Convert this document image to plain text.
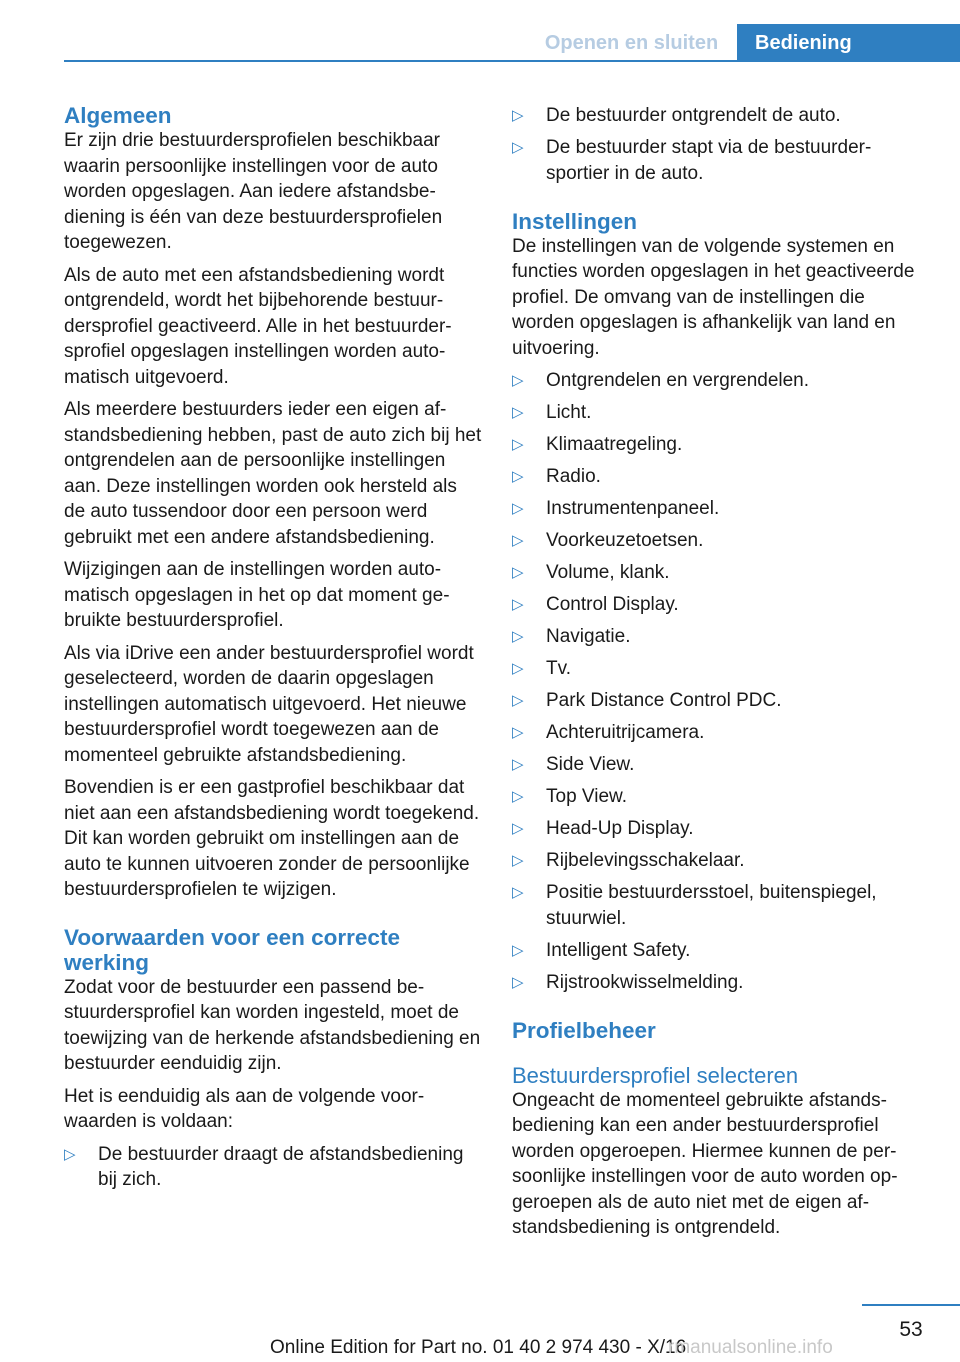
Openen en sluiten	Bediening
Algemeen

Er zijn drie bestuurdersprofielen beschikbaar waarin persoonlijke instellingen voor de auto worden opgeslagen. Aan iedere afstandsbediening is één van deze bestuurdersprofielen toegewezen.

Als de auto met een afstandsbediening wordt ontgrendeld, wordt het bijbehorende bestuurdersprofiel geactiveerd. Alle in het bestuurdersprofiel opgeslagen instellingen worden automatisch uitgevoerd.

Als meerdere bestuurders ieder een eigen afstandsbediening hebben, past de auto zich bij het ontgrendelen aan de persoonlijke instellingen aan. Deze instellingen worden ook hersteld als de auto tussendoor door een persoon werd gebruikt met een andere afstandsbediening.

Wijzigingen aan de instellingen worden automatisch opgeslagen in het op dat moment gebruikte bestuurdersprofiel.

Als via iDrive een ander bestuurdersprofiel wordt geselecteerd, worden de daarin opgeslagen instellingen automatisch uitgevoerd. Het nieuwe bestuurdersprofiel wordt toegewezen aan de momenteel gebruikte afstandsbediening.

Bovendien is er een gastprofiel beschikbaar dat niet aan een afstandsbediening wordt toegekend. Dit kan worden gebruikt om instellingen aan de auto te kunnen uitvoeren zonder de persoonlijke bestuurdersprofielen te wijzigen.

Voorwaarden voor een correcte werking

Zodat voor de bestuurder een passend bestuurdersprofiel kan worden ingesteld, moet de toewijzing van de herkende afstandsbediening en bestuurder eenduidig zijn.

Het is eenduidig als aan de volgende voorwaarden is voldaan:

▷ De bestuurder draagt de afstandsbediening bij zich.
▷ De bestuurder ontgrendelt de auto.
▷ De bestuurder stapt via de bestuurdersportier in de auto.
Instellingen

De instellingen van de volgende systemen en functies worden opgeslagen in het geactiveerde profiel. De omvang van de instellingen die worden opgeslagen is afhankelijk van land en uitvoering.

▷ Ontgrendelen en vergrendelen.
▷ Licht.
▷ Klimaatregeling.
▷ Radio.
▷ Instrumentenpaneel.
▷ Voorkeuzetoetsen.
▷ Volume, klank.
▷ Control Display.
▷ Navigatie.
▷ Tv.
▷ Park Distance Control PDC.
▷ Achteruitrijcamera.
▷ Side View.
▷ Top View.
▷ Head-Up Display.
▷ Rijbelevingsschakelaar.
▷ Positie bestuurdersstoel, buitenspiegel, stuurwiel.
▷ Intelligent Safety.
▷ Rijstrookwisselmelding.
Profielbeheer
Bestuurdersprofiel selecteren

Ongeacht de momenteel gebruikte afstandsbediening kan een ander bestuurdersprofiel worden opgeroepen. Hiermee kunnen de persoonlijke instellingen voor de auto worden opgeroepen als de auto niet met de eigen afstandsbediening is ontgrendeld.

53
Online Edition for Part no. 01 40 2 974 430 - X/16
rmanualsonline.info
